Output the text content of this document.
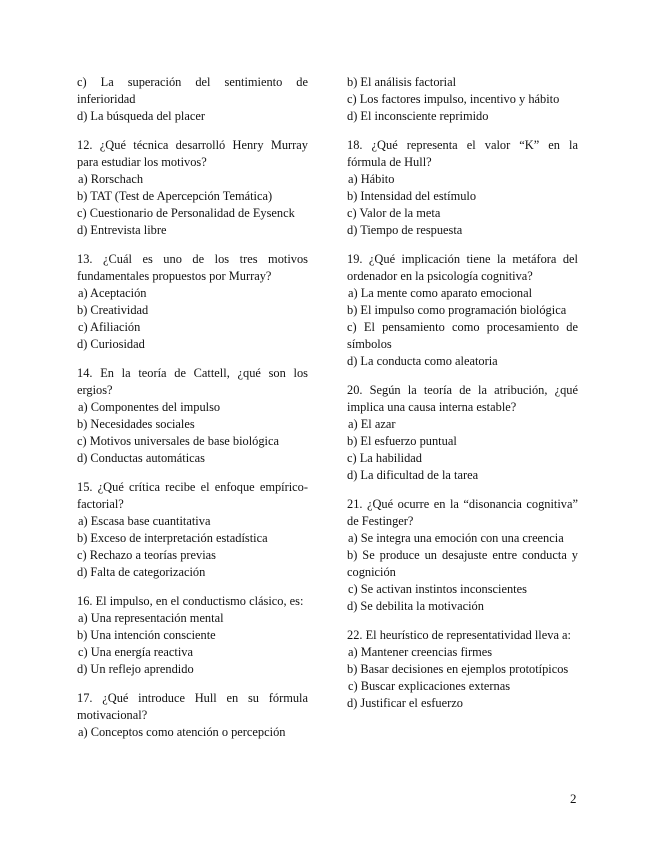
c) La superación del sentimiento de inferioridad
d) La búsqueda del placer
12. ¿Qué técnica desarrolló Henry Murray para estudiar los motivos?
a) Rorschach
b) TAT (Test de Apercepción Temática)
c) Cuestionario de Personalidad de Eysenck
d) Entrevista libre
13. ¿Cuál es uno de los tres motivos fundamentales propuestos por Murray?
a) Aceptación
b) Creatividad
c) Afiliación
d) Curiosidad
14. En la teoría de Cattell, ¿qué son los ergios?
a) Componentes del impulso
b) Necesidades sociales
c) Motivos universales de base biológica
d) Conductas automáticas
15. ¿Qué crítica recibe el enfoque empírico-factorial?
a) Escasa base cuantitativa
b) Exceso de interpretación estadística
c) Rechazo a teorías previas
d) Falta de categorización
16. El impulso, en el conductismo clásico, es:
a) Una representación mental
b) Una intención consciente
c) Una energía reactiva
d) Un reflejo aprendido
17. ¿Qué introduce Hull en su fórmula motivacional?
a) Conceptos como atención o percepción
b) El análisis factorial
c) Los factores impulso, incentivo y hábito
d) El inconsciente reprimido
18. ¿Qué representa el valor “K” en la fórmula de Hull?
a) Hábito
b) Intensidad del estímulo
c) Valor de la meta
d) Tiempo de respuesta
19. ¿Qué implicación tiene la metáfora del ordenador en la psicología cognitiva?
a) La mente como aparato emocional
b) El impulso como programación biológica
c) El pensamiento como procesamiento de símbolos
d) La conducta como aleatoria
20. Según la teoría de la atribución, ¿qué implica una causa interna estable?
a) El azar
b) El esfuerzo puntual
c) La habilidad
d) La dificultad de la tarea
21. ¿Qué ocurre en la “disonancia cognitiva” de Festinger?
a) Se integra una emoción con una creencia
b) Se produce un desajuste entre conducta y cognición
c) Se activan instintos inconscientes
d) Se debilita la motivación
22. El heurístico de representatividad lleva a:
a) Mantener creencias firmes
b) Basar decisiones en ejemplos prototípicos
c) Buscar explicaciones externas
d) Justificar el esfuerzo
2
